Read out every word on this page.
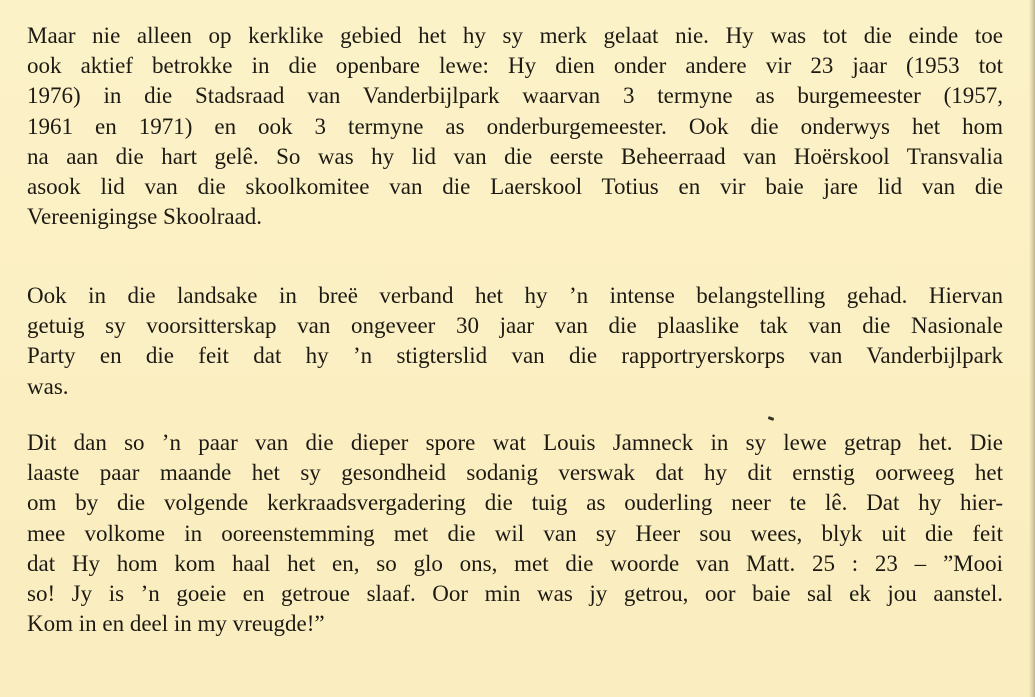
Maar nie alleen op kerklike gebied het hy sy merk gelaat nie. Hy was tot die einde toe
ook aktief betrokke in die openbare lewe: Hy dien onder andere vir 23 jaar (1953 tot
1976) in die Stadsraad van Vanderbijlpark waarvan 3 termyne as burgemeester (1957,
1961 en 1971) en ook 3 termyne as onderburgemeester. Ook die onderwys het hom
na aan die hart gelê. So was hy lid van die eerste Beheerraad van Hoërskool Transvalia
asook lid van die skoolkomitee van die Laerskool Totius en vir baie jare lid van die
Vereenigingse Skoolraad.
Ook in die landsake in breë verband het hy ’n intense belangstelling gehad. Hiervan
getuig sy voorsitterskap van ongeveer 30 jaar van die plaaslike tak van die Nasionale
Party en die feit dat hy ’n stigterslid van die rapportryerskorps van Vanderbijlpark
was.
Dit dan so ’n paar van die dieper spore wat Louis Jamneck in sy lewe getrap het. Die
laaste paar maande het sy gesondheid sodanig verswak dat hy dit ernstig oorweeg het
om by die volgende kerkraadsvergadering die tuig as ouderling neer te lê. Dat hy hier-
mee volkome in ooreenstemming met die wil van sy Heer sou wees, blyk uit die feit
dat Hy hom kom haal het en, so glo ons, met die woorde van Matt. 25 : 23 – ”Mooi
so! Jy is ’n goeie en getroue slaaf. Oor min was jy getrou, oor baie sal ek jou aanstel.
Kom in en deel in my vreugde!”
